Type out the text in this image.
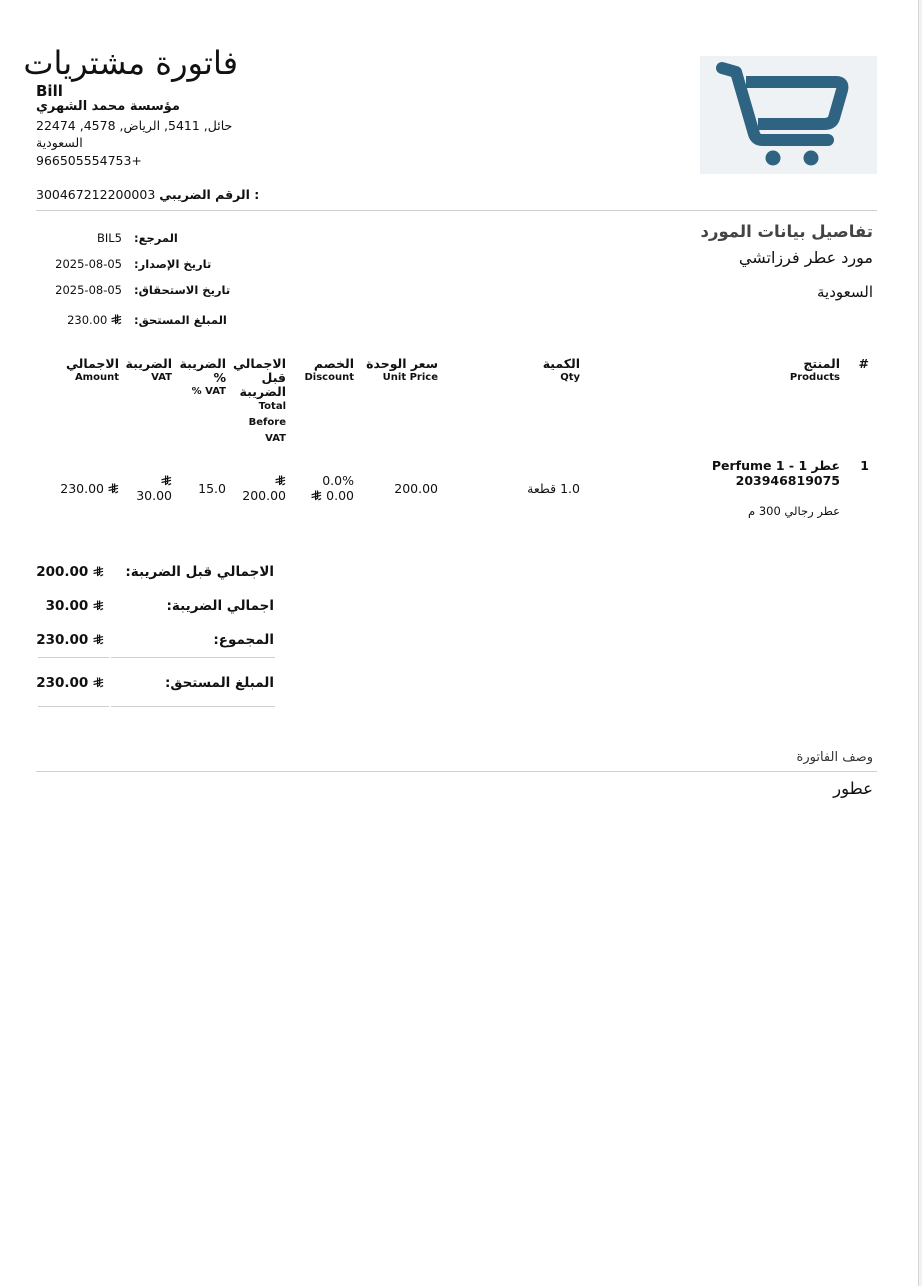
فاتورة مشتريات
Bill
مؤسسة محمد الشهري
حائل, 5411, الرياض, 4578, 22474
السعودية
966505554753+
300467212200003 الرقم الضريبي :
تفاصيل بيانات المورد
مورد عطر فرزاتشي
السعودية
المرجع:
BIL5
تاريخ الإصدار:
2025-08-05
تاريخ الاستحقاق:
2025-08-05
المبلغ المستحق:
230.00
#
المنتج
Products
الكمية
Qty
سعر الوحدة
Unit Price
الخصم
Discount
الاجمالي
قبل
الضريبة
Total
Before
VAT
الضريبة
%
% VAT
الضريبة
VAT
الاجمالي
Amount
1
Perfume 1 - عطر 1
203946819075
عطر رجالي 300 م
1.0 قطعة
200.00
0.0%
0.00
200.00
15.0
30.00
230.00
الاجمالي قبل الضريبة:
200.00
اجمالي الضريبة:
30.00
المجموع:
230.00
المبلغ المستحق:
230.00
وصف الفاتورة
عطور
